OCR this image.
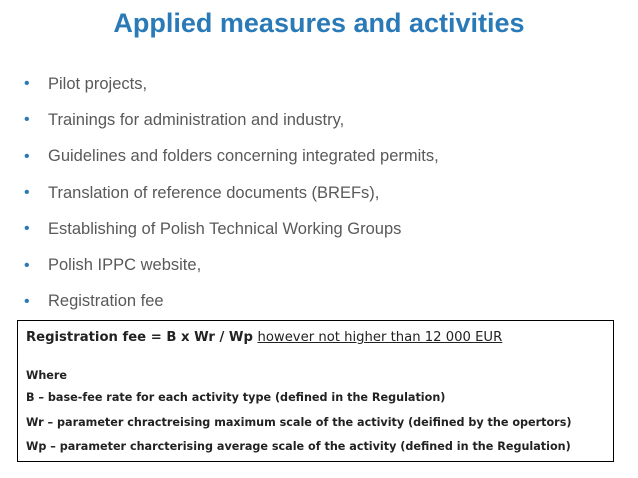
Applied measures and activities
•	Pilot projects,
•	Trainings for administration and industry,
•	Guidelines and folders concerning integrated permits,
•	Translation of reference documents (BREFs),
•	Establishing of Polish Technical Working Groups
•	Polish IPPC website,
•	Registration fee
Registration fee = B x Wr / Wp however not higher than 12 000 EUR
Where
B – base-fee rate for each activity type (defined in the Regulation)
Wr – parameter chractreising maximum scale of the activity (deifined by the opertors)
Wp – parameter charcterising average scale of the activity (defined in the Regulation)
